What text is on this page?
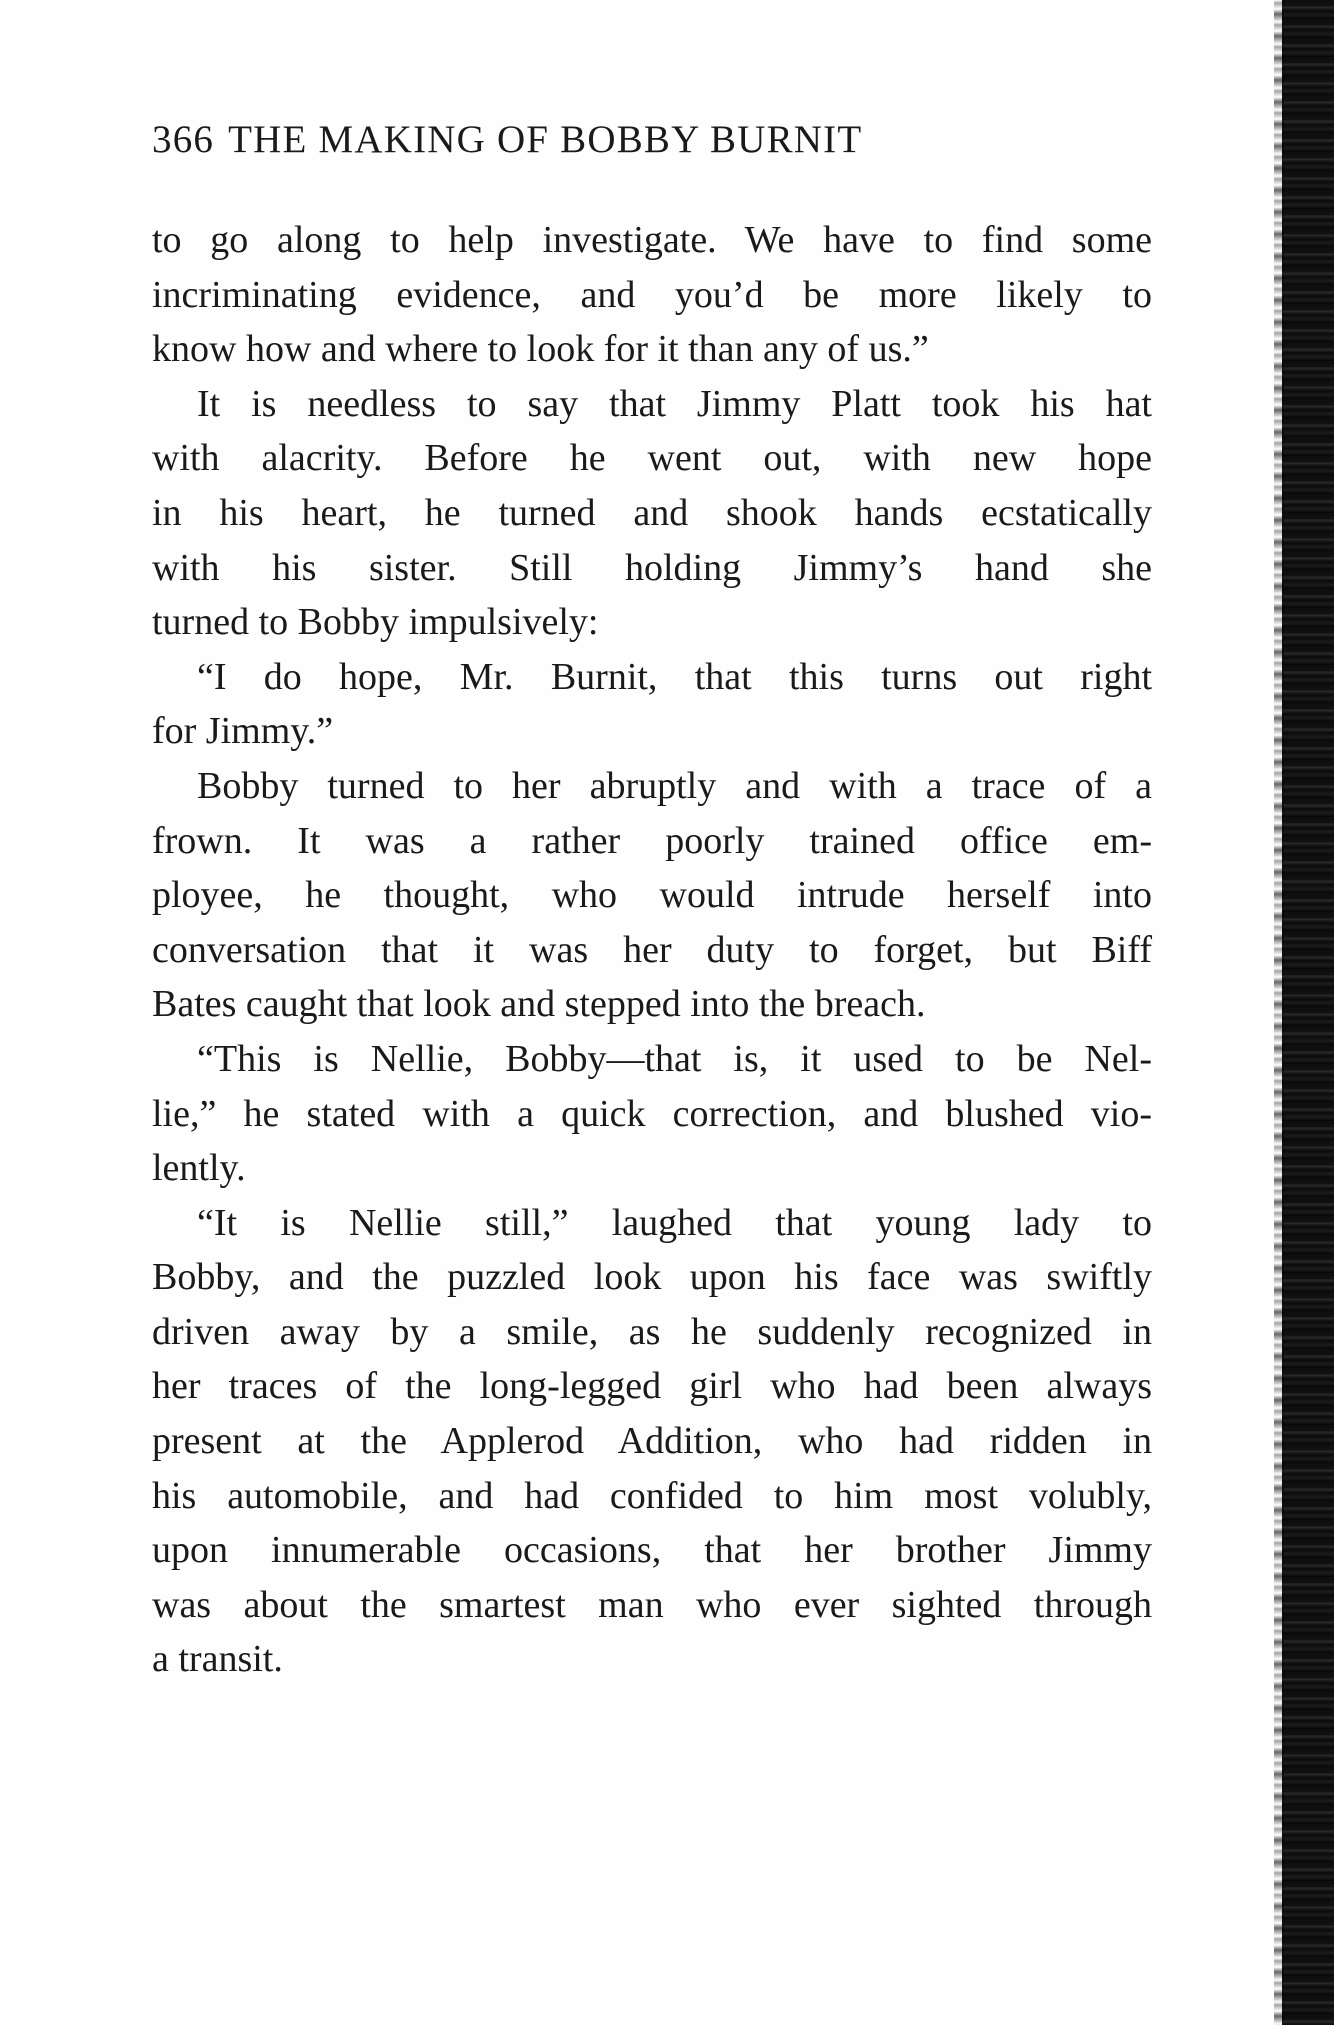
366 THE MAKING OF BOBBY BURNIT
to go along to help investigate. We have to find some
incriminating evidence, and you’d be more likely to
know how and where to look for it than any of us.”
It is needless to say that Jimmy Platt took his hat
with alacrity. Before he went out, with new hope
in his heart, he turned and shook hands ecstatically
with his sister. Still holding Jimmy’s hand she
turned to Bobby impulsively:
“I do hope, Mr. Burnit, that this turns out right
for Jimmy.”
Bobby turned to her abruptly and with a trace of a
frown. It was a rather poorly trained office em-
ployee, he thought, who would intrude herself into
conversation that it was her duty to forget, but Biff
Bates caught that look and stepped into the breach.
“This is Nellie, Bobby—that is, it used to be Nel-
lie,” he stated with a quick correction, and blushed vio-
lently.
“It is Nellie still,” laughed that young lady to
Bobby, and the puzzled look upon his face was swiftly
driven away by a smile, as he suddenly recognized in
her traces of the long-legged girl who had been always
present at the Applerod Addition, who had ridden in
his automobile, and had confided to him most volubly,
upon innumerable occasions, that her brother Jimmy
was about the smartest man who ever sighted through
a transit.
